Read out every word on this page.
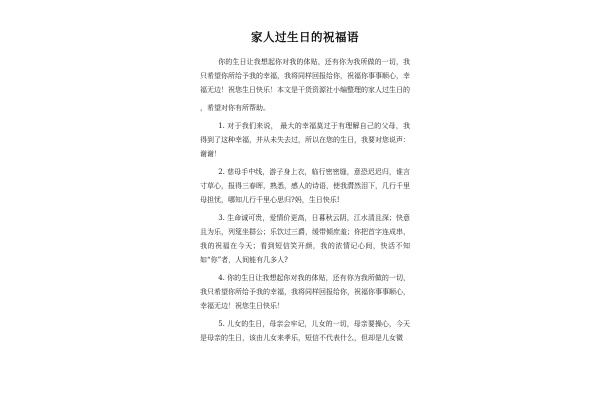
家人过生日的祝福语

你的生日让我想起你对我的体贴，还有你为我所做的一切，我只希望你所给予我的幸福，我将同样回报给你，祝福你事事顺心，幸福无边！祝您生日快乐！本文是干货资源社小编整理的家人过生日的

，希望对你有所帮助。

1. 对于我们来说， 最大的幸福莫过于有理解自己的父母，我得到了这种幸福，并从未失去过，所以在您的生日，我要对您说声：谢谢！

2. 慈母手中线，游子身上衣，临行密密缝，意恐迟迟归，谁言寸草心，报得三春晖，熟悉，感人的诗语，使我潸然泪下，几行千里母担忧，哪知儿行千里心思归?妈，生日快乐!

3. 生命诚可贵，爱情价更高，日暮秋云阴，江水清且深；快意且为乐，列筵坐群公；乐饮过三爵，缓带倾庶羞；你把首字连成串，我的祝福在今天；看到短信笑开颜，我的浓情记心间，快活不知如“你”者，人间能有几多人?

4. 你的生日让我想起你对我的体贴，还有你为我所做的一切，我只希望你所给予我的幸福，我将同样回报给你，祝福你事事顺心，幸福无边！祝您生日快乐！

5. 儿女的生日，母亲会牢记，儿女的一切，母亲要操心，今天是母亲的生日，该由儿女来孝乐，短信不代表什么，但却是儿女微
